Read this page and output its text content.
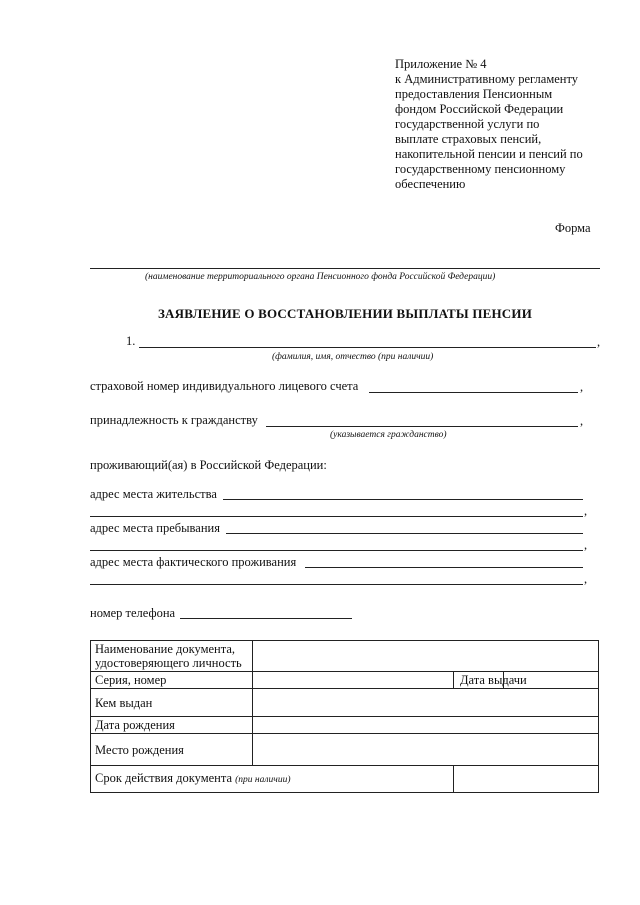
Приложение № 4
к Административному регламенту
предоставления Пенсионным
фондом Российской Федерации
государственной услуги по
выплате страховых пенсий,
накопительной пенсии и пенсий по
государственному пенсионному
обеспечению
Форма
(наименование территориального органа Пенсионного фонда Российской Федерации)
ЗАЯВЛЕНИЕ О ВОССТАНОВЛЕНИИ ВЫПЛАТЫ ПЕНСИИ
1.	,
(фамилия, имя, отчество (при наличии)
страховой номер индивидуального лицевого счета	,
принадлежность к гражданству	,
(указывается гражданство)
проживающий(ая) в Российской Федерации:
адрес места жительства
,
адрес места пребывания
,
адрес места фактического проживания
,
номер телефона
Наименование документа,
удостоверяющего личность			

Серия, номер		Дата выдачи	
Кем выдан			
Дата рождения			
Место рождения			
Срок действия документа (при наличии)			
